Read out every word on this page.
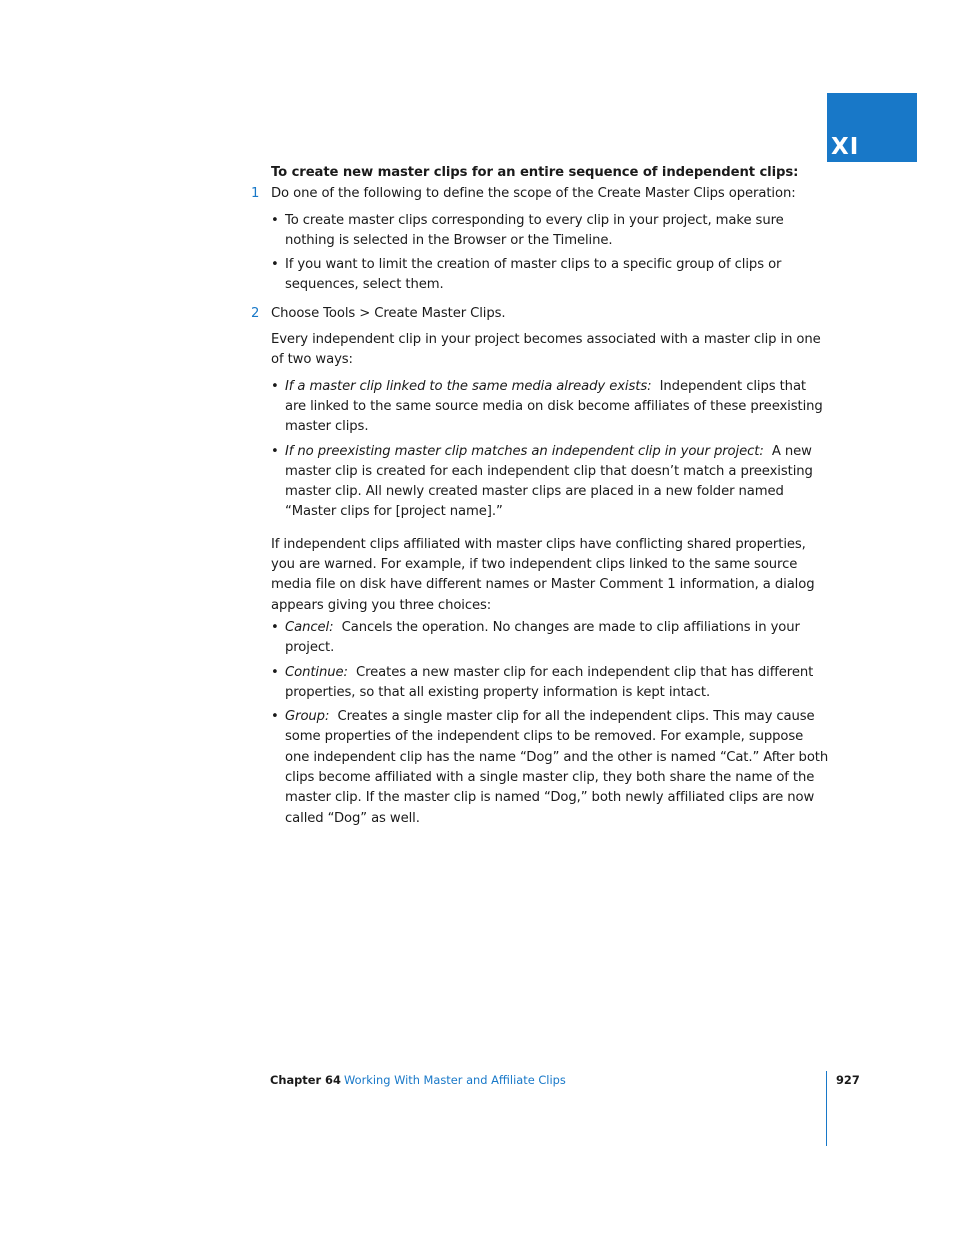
XI
To create new master clips for an entire sequence of independent clips:
1 Do one of the following to define the scope of the Create Master Clips operation:
• To create master clips corresponding to every clip in your project, make sure nothing is selected in the Browser or the Timeline.
• If you want to limit the creation of master clips to a specific group of clips or sequences, select them.
2 Choose Tools > Create Master Clips.
Every independent clip in your project becomes associated with a master clip in one of two ways:
• If a master clip linked to the same media already exists: Independent clips that are linked to the same source media on disk become affiliates of these preexisting master clips.
• If no preexisting master clip matches an independent clip in your project: A new master clip is created for each independent clip that doesn’t match a preexisting master clip. All newly created master clips are placed in a new folder named “Master clips for [project name].”
If independent clips affiliated with master clips have conflicting shared properties, you are warned. For example, if two independent clips linked to the same source media file on disk have different names or Master Comment 1 information, a dialog appears giving you three choices:
• Cancel: Cancels the operation. No changes are made to clip affiliations in your project.
• Continue: Creates a new master clip for each independent clip that has different properties, so that all existing property information is kept intact.
• Group: Creates a single master clip for all the independent clips. This may cause some properties of the independent clips to be removed. For example, suppose one independent clip has the name “Dog” and the other is named “Cat.” After both clips become affiliated with a single master clip, they both share the name of the master clip. If the master clip is named “Dog,” both newly affiliated clips are now called “Dog” as well.
Chapter 64 Working With Master and Affiliate Clips	927
